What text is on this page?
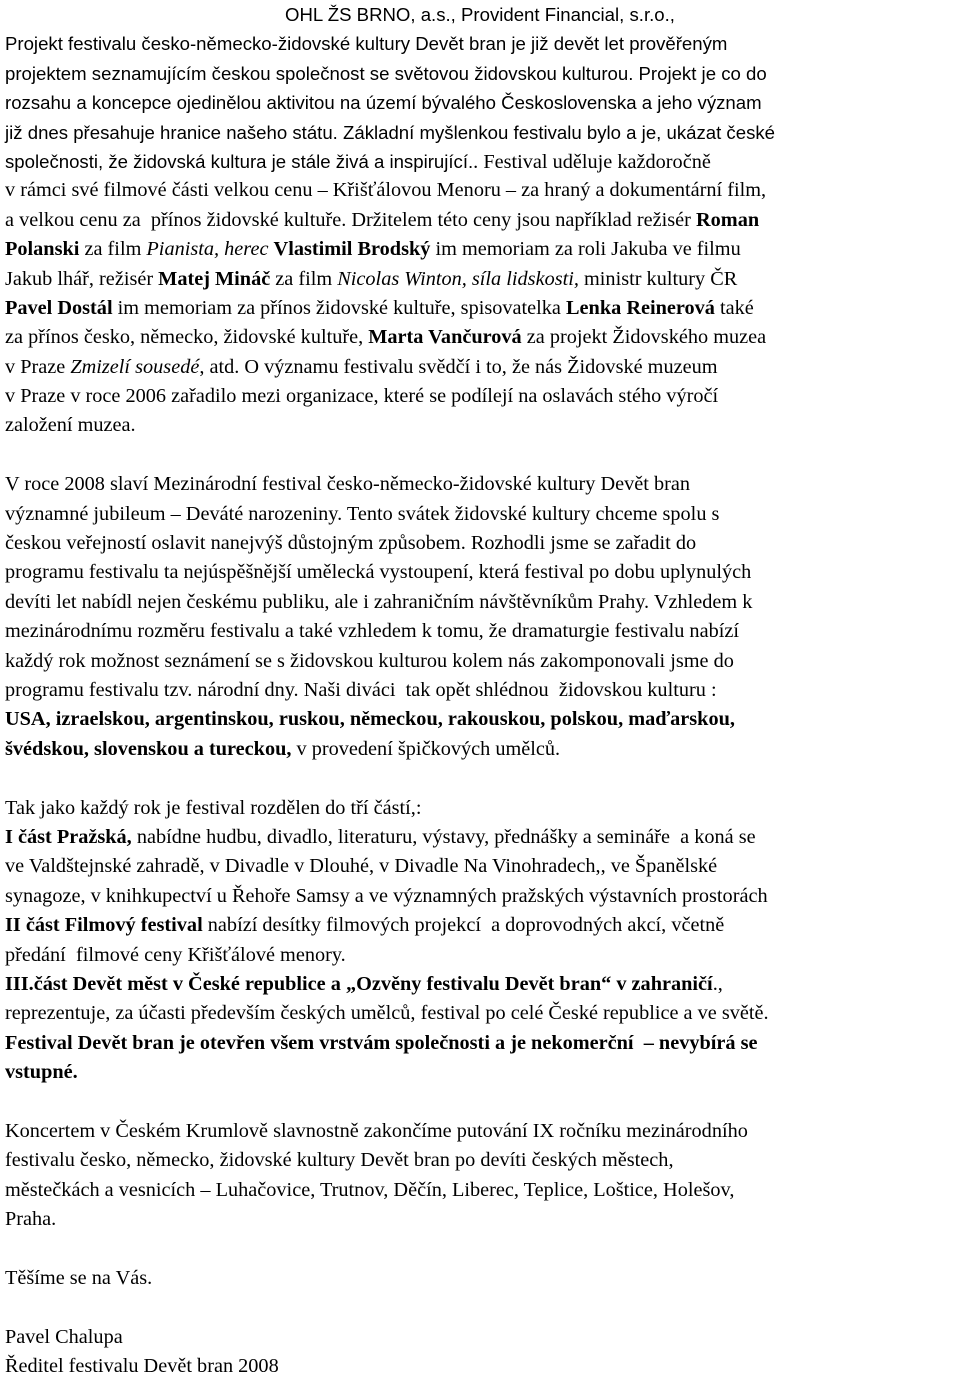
OHL ŽS BRNO, a.s., Provident Financial, s.r.o.,
Projekt festivalu česko-německo-židovské kultury Devět bran je již devět let prověřeným
projektem seznamujícím českou společnost se světovou židovskou kulturou. Projekt je co do
rozsahu a koncepce ojedinělou aktivitou na území bývalého Československa a jeho význam
již dnes přesahuje hranice našeho státu. Základní myšlenkou festivalu bylo a je, ukázat české
společnosti, že židovská kultura je stále živá a inspirující.. Festival uděluje každoročně
v rámci své filmové části velkou cenu – Křišťálovou Menoru – za hraný a dokumentární film,
a velkou cenu za  přínos židovské kultuře. Držitelem této ceny jsou například režisér Roman
Polanski za film Pianista, herec Vlastimil Brodský im memoriam za roli Jakuba ve filmu
Jakub lhář, režisér Matej Mináč za film Nicolas Winton, síla lidskosti, ministr kultury ČR
Pavel Dostál im memoriam za přínos židovské kultuře, spisovatelka Lenka Reinerová také
za přínos česko, německo, židovské kultuře, Marta Vančurová za projekt Židovského muzea
v Praze Zmizelí sousedé, atd. O významu festivalu svědčí i to, že nás Židovské muzeum
v Praze v roce 2006 zařadilo mezi organizace, které se podílejí na oslavách stého výročí
založení muzea.
V roce 2008 slaví Mezinárodní festival česko-německo-židovské kultury Devět bran
významné jubileum – Deváté narozeniny. Tento svátek židovské kultury chceme spolu s
českou veřejností oslavit nanejvýš důstojným způsobem. Rozhodli jsme se zařadit do
programu festivalu ta nejúspěšnější umělecká vystoupení, která festival po dobu uplynulých
devíti let nabídl nejen českému publiku, ale i zahraničním návštěvníkům Prahy. Vzhledem k
mezinárodnímu rozměru festivalu a také vzhledem k tomu, že dramaturgie festivalu nabízí
každý rok možnost seznámení se s židovskou kulturou kolem nás zakomponovali jsme do
programu festivalu tzv. národní dny. Naši diváci  tak opět shlédnou  židovskou kulturu :
USA, izraelskou, argentinskou, ruskou, německou, rakouskou, polskou, maďarskou,
švédskou, slovenskou a tureckou, v provedení špičkových umělců.
Tak jako každý rok je festival rozdělen do tří částí,:
I část Pražská, nabídne hudbu, divadlo, literaturu, výstavy, přednášky a semináře  a koná se
ve Valdštejnské zahradě, v Divadle v Dlouhé, v Divadle Na Vinohradech,, ve Španělské
synagoze, v knihkupectví u Řehoře Samsy a ve významných pražských výstavních prostorách
II část Filmový festival nabízí desítky filmových projekcí  a doprovodných akcí, včetně
předání  filmové ceny Křišťálové menory.
III.část Devět měst v České republice a „Ozvěny festivalu Devět bran“ v zahraničí.,
reprezentuje, za účasti především českých umělců, festival po celé České republice a ve světě.
Festival Devět bran je otevřen všem vrstvám společnosti a je nekomerční  – nevybírá se
vstupné.
Koncertem v Českém Krumlově slavnostně zakončíme putování IX ročníku mezinárodního
festivalu česko, německo, židovské kultury Devět bran po devíti českých městech,
městečkách a vesnicích – Luhačovice, Trutnov, Děčín, Liberec, Teplice, Loštice, Holešov,
Praha.
Těšíme se na Vás.
Pavel Chalupa
Ředitel festivalu Devět bran 2008
